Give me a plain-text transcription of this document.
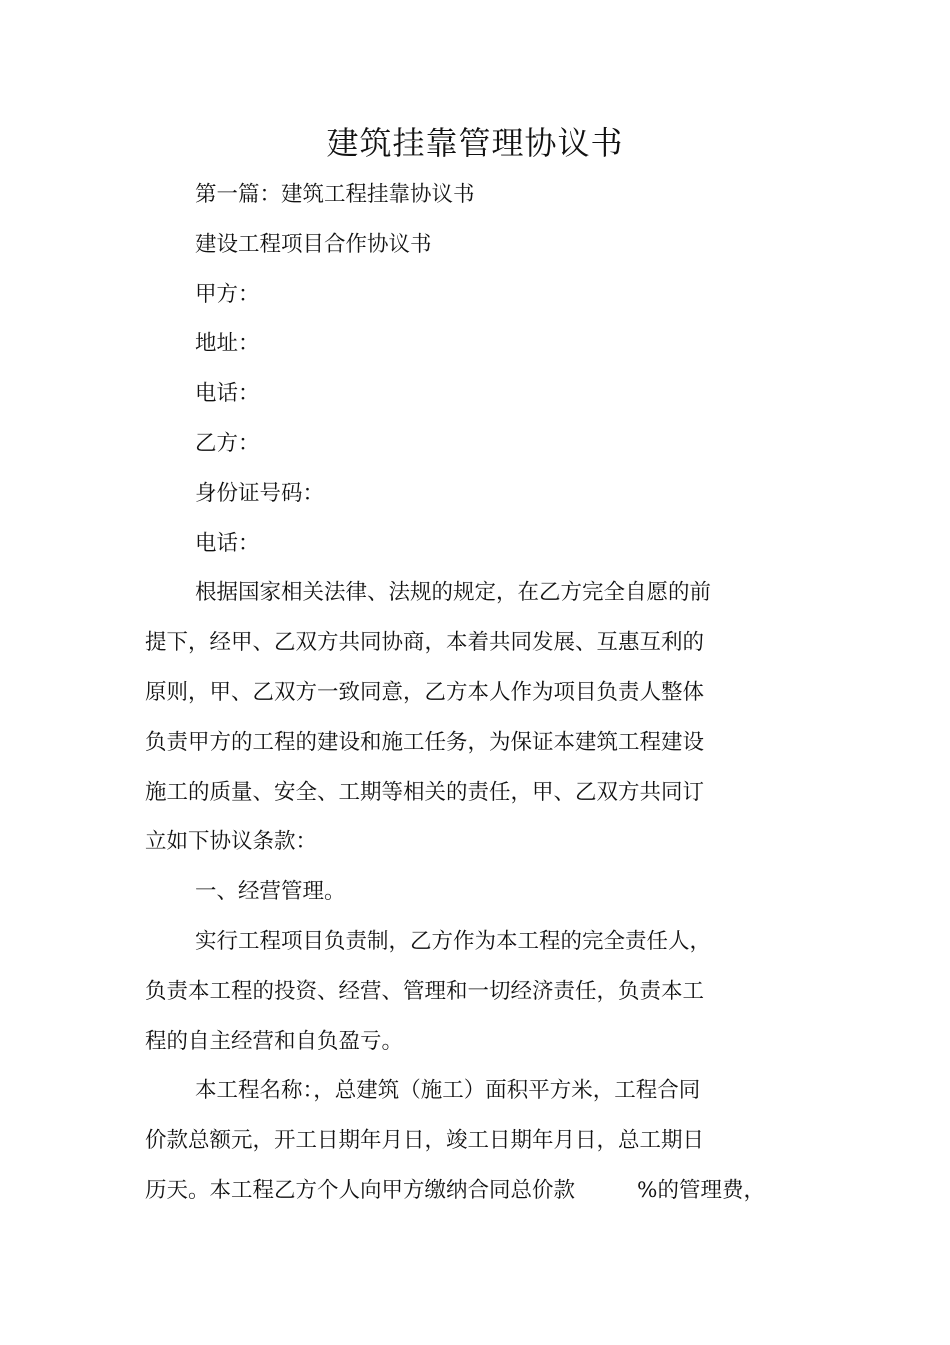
建筑挂靠管理协议书
第一篇：建筑工程挂靠协议书
建设工程项目合作协议书
甲方：
地址：
电话：
乙方：
身份证号码：
电话：
根据国家相关法律、法规的规定，在乙方完全自愿的前
提下，经甲、乙双方共同协商，本着共同发展、互惠互利的
原则，甲、乙双方一致同意，乙方本人作为项目负责人整体
负责甲方的工程的建设和施工任务，为保证本建筑工程建设
施工的质量、安全、工期等相关的责任，甲、乙双方共同订
立如下协议条款：
一、经营管理。
实行工程项目负责制，乙方作为本工程的完全责任人，
负责本工程的投资、经营、管理和一切经济责任，负责本工
程的自主经营和自负盈亏。
本工程名称：，总建筑（施工）面积平方米，工程合同
价款总额元，开工日期年月日，竣工日期年月日，总工期日
历天。本工程乙方个人向甲方缴纳合同总价款	%的管理费，
